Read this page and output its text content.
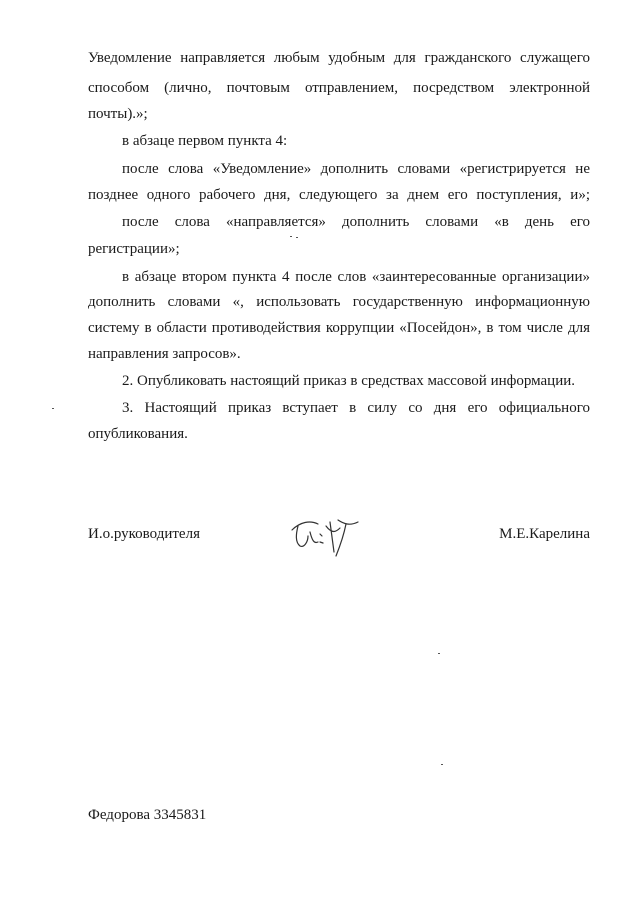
Уведомление направляется любым удобным для гражданского служащего
способом (лично, почтовым отправлением, посредством электронной
почты).»;
в абзаце первом пункта 4:
после слова «Уведомление» дополнить словами «регистрируется не
позднее одного рабочего дня, следующего за днем его поступления, и»;
после слова «направляется» дополнить словами «в день его
регистрации»;
в абзаце втором пункта 4 после слов «заинтересованные организации»
дополнить словами «, использовать государственную информационную
систему в области противодействия коррупции «Посейдон», в том числе для
направления запросов».
2. Опубликовать настоящий приказ в средствах массовой информации.
3. Настоящий приказ вступает в силу со дня его официального
опубликования.
И.о.руководителя	М.Е.Карелина
Федорова 3345831
